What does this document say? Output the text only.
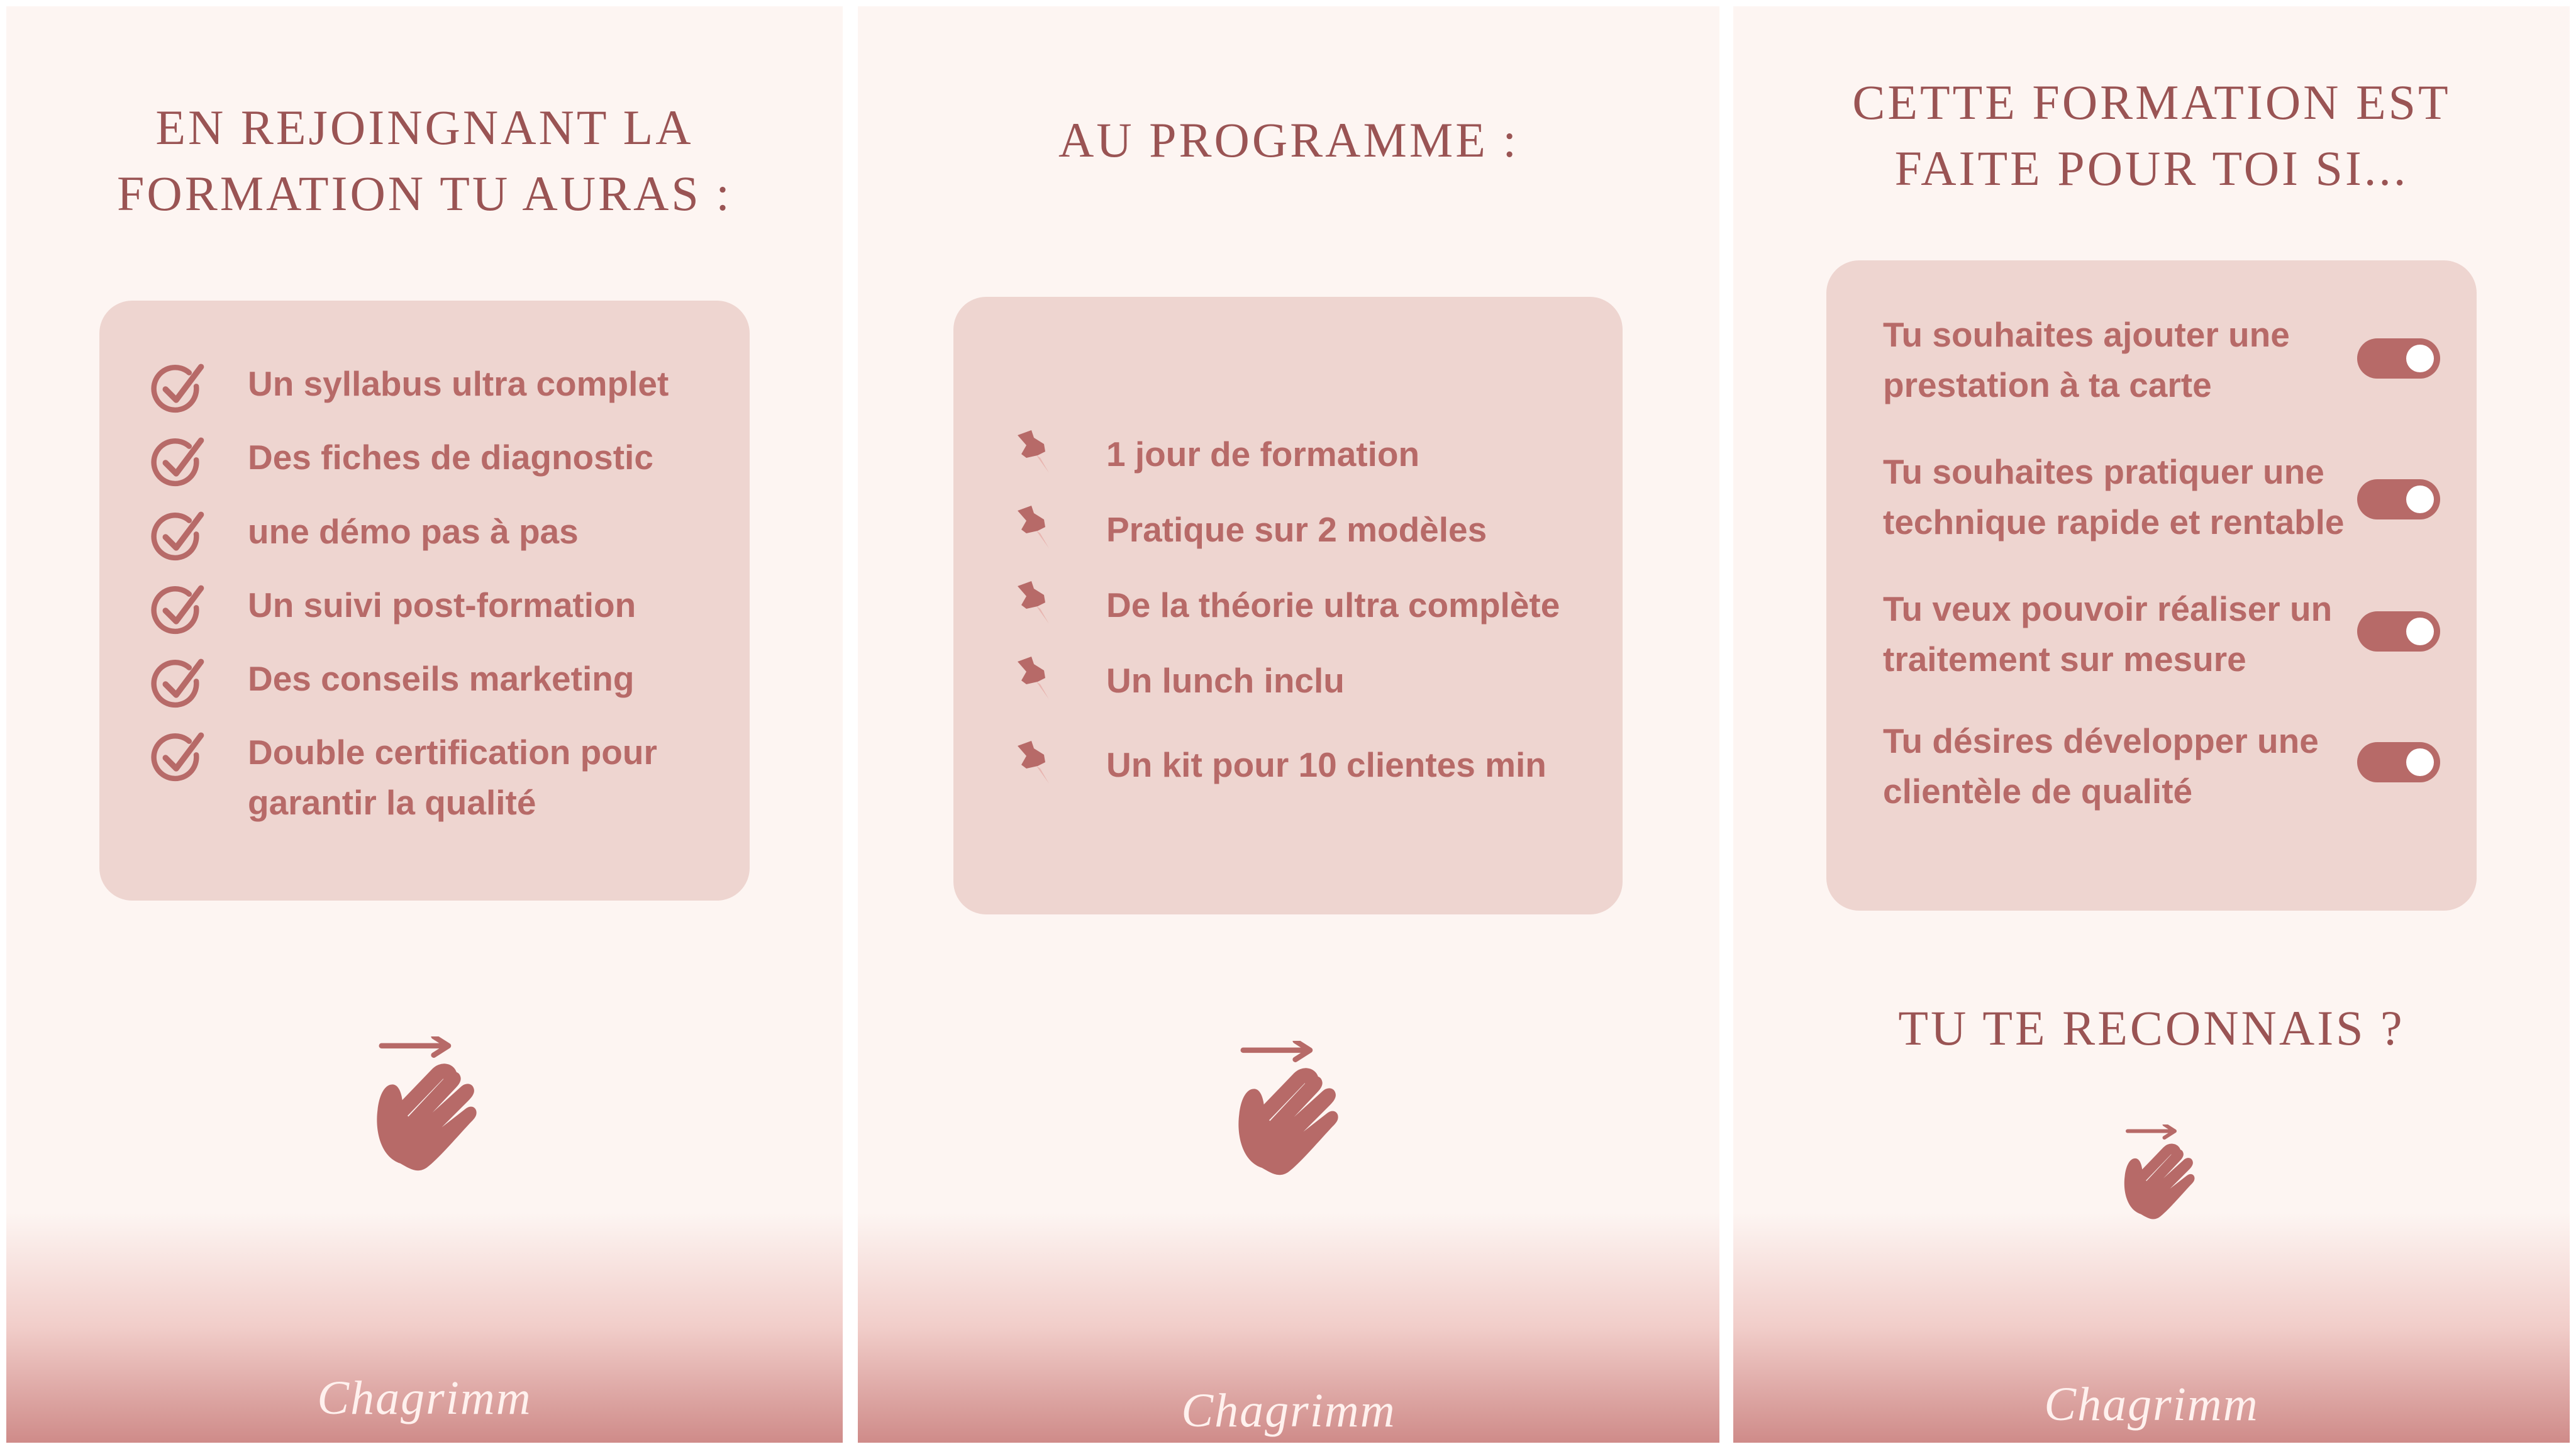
EN REJOINGNANT LA
FORMATION TU AURAS :
Un syllabus ultra complet
Des fiches de diagnostic
une démo pas à pas
Un suivi post-formation
Des conseils marketing
Double certification pour
garantir la qualité
Chagrimm
AU PROGRAMME :
1 jour de formation
Pratique sur 2 modèles
De la théorie ultra complète
Un lunch inclu
Un kit pour 10 clientes min
Chagrimm
CETTE FORMATION EST
FAITE POUR TOI SI...
Tu souhaites ajouter une
prestation à ta carte
Tu souhaites pratiquer une
technique rapide et rentable
Tu veux pouvoir réaliser un
traitement sur mesure
Tu désires développer une
clientèle de qualité
TU TE RECONNAIS ?
Chagrimm
